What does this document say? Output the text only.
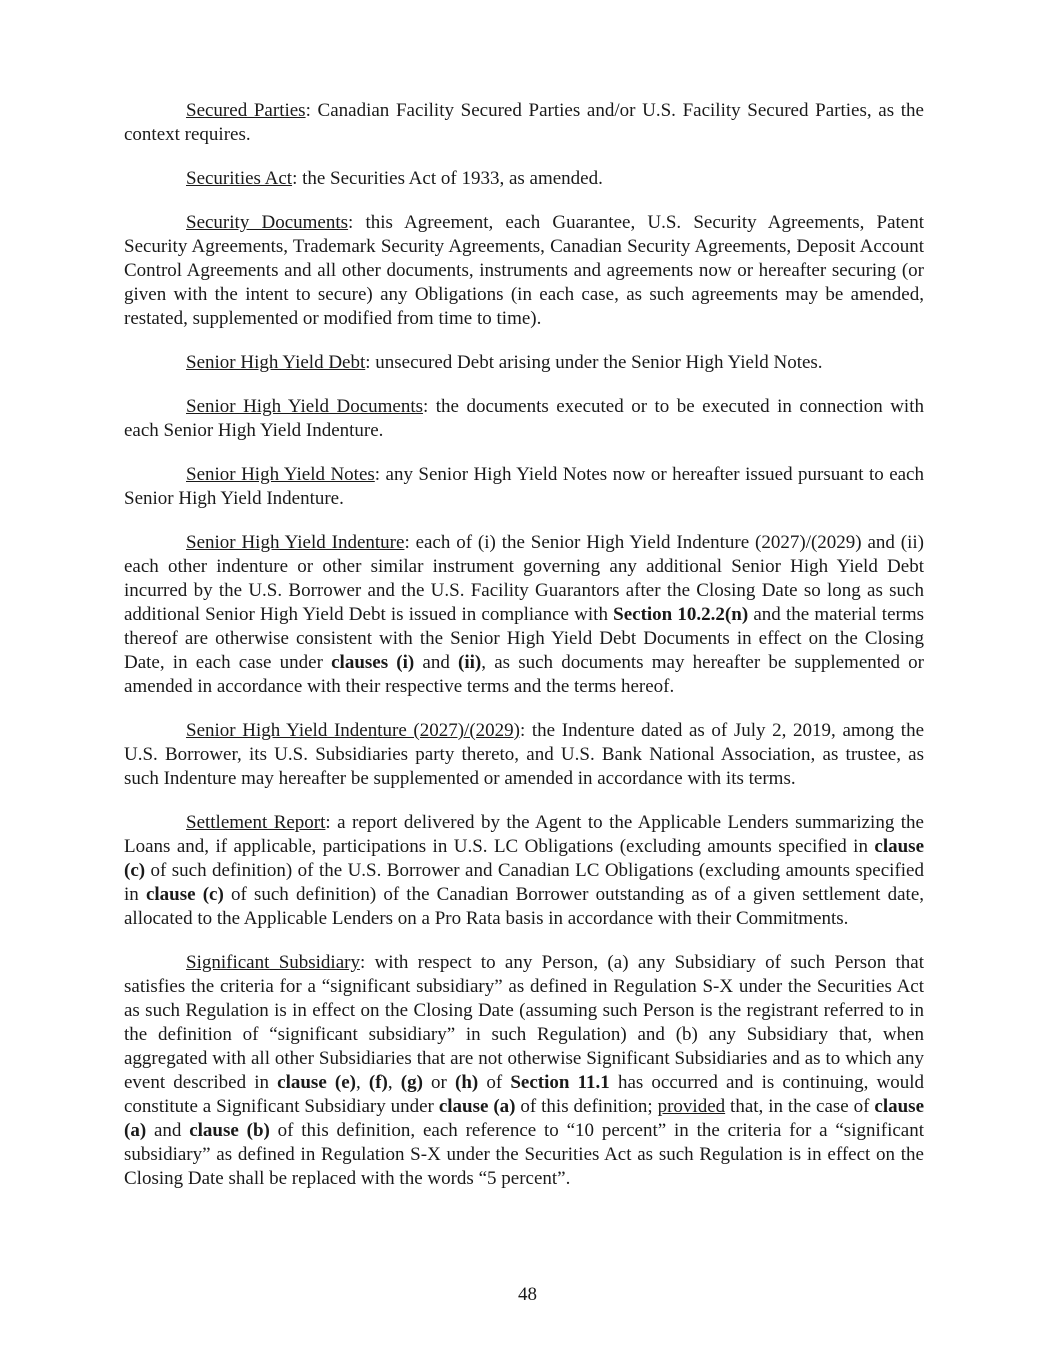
Secured Parties: Canadian Facility Secured Parties and/or U.S. Facility Secured Parties, as the context requires.

Securities Act: the Securities Act of 1933, as amended.

Security Documents: this Agreement, each Guarantee, U.S. Security Agreements, Patent Security Agreements, Trademark Security Agreements, Canadian Security Agreements, Deposit Account Control Agreements and all other documents, instruments and agreements now or hereafter securing (or given with the intent to secure) any Obligations (in each case, as such agreements may be amended, restated, supplemented or modified from time to time).

Senior High Yield Debt: unsecured Debt arising under the Senior High Yield Notes.

Senior High Yield Documents: the documents executed or to be executed in connection with each Senior High Yield Indenture.

Senior High Yield Notes: any Senior High Yield Notes now or hereafter issued pursuant to each Senior High Yield Indenture.

Senior High Yield Indenture: each of (i) the Senior High Yield Indenture (2027)/(2029) and (ii) each other indenture or other similar instrument governing any additional Senior High Yield Debt incurred by the U.S. Borrower and the U.S. Facility Guarantors after the Closing Date so long as such additional Senior High Yield Debt is issued in compliance with Section 10.2.2(n) and the material terms thereof are otherwise consistent with the Senior High Yield Debt Documents in effect on the Closing Date, in each case under clauses (i) and (ii), as such documents may hereafter be supplemented or amended in accordance with their respective terms and the terms hereof.

Senior High Yield Indenture (2027)/(2029): the Indenture dated as of July 2, 2019, among the U.S. Borrower, its U.S. Subsidiaries party thereto, and U.S. Bank National Association, as trustee, as such Indenture may hereafter be supplemented or amended in accordance with its terms.

Settlement Report: a report delivered by the Agent to the Applicable Lenders summarizing the Loans and, if applicable, participations in U.S. LC Obligations (excluding amounts specified in clause (c) of such definition) of the U.S. Borrower and Canadian LC Obligations (excluding amounts specified in clause (c) of such definition) of the Canadian Borrower outstanding as of a given settlement date, allocated to the Applicable Lenders on a Pro Rata basis in accordance with their Commitments.

Significant Subsidiary: with respect to any Person, (a) any Subsidiary of such Person that satisfies the criteria for a “significant subsidiary” as defined in Regulation S-X under the Securities Act as such Regulation is in effect on the Closing Date (assuming such Person is the registrant referred to in the definition of “significant subsidiary” in such Regulation) and (b) any Subsidiary that, when aggregated with all other Subsidiaries that are not otherwise Significant Subsidiaries and as to which any event described in clause (e), (f), (g) or (h) of Section 11.1 has occurred and is continuing, would constitute a Significant Subsidiary under clause (a) of this definition; provided that, in the case of clause (a) and clause (b) of this definition, each reference to “10 percent” in the criteria for a “significant subsidiary” as defined in Regulation S-X under the Securities Act as such Regulation is in effect on the Closing Date shall be replaced with the words “5 percent”.

48
